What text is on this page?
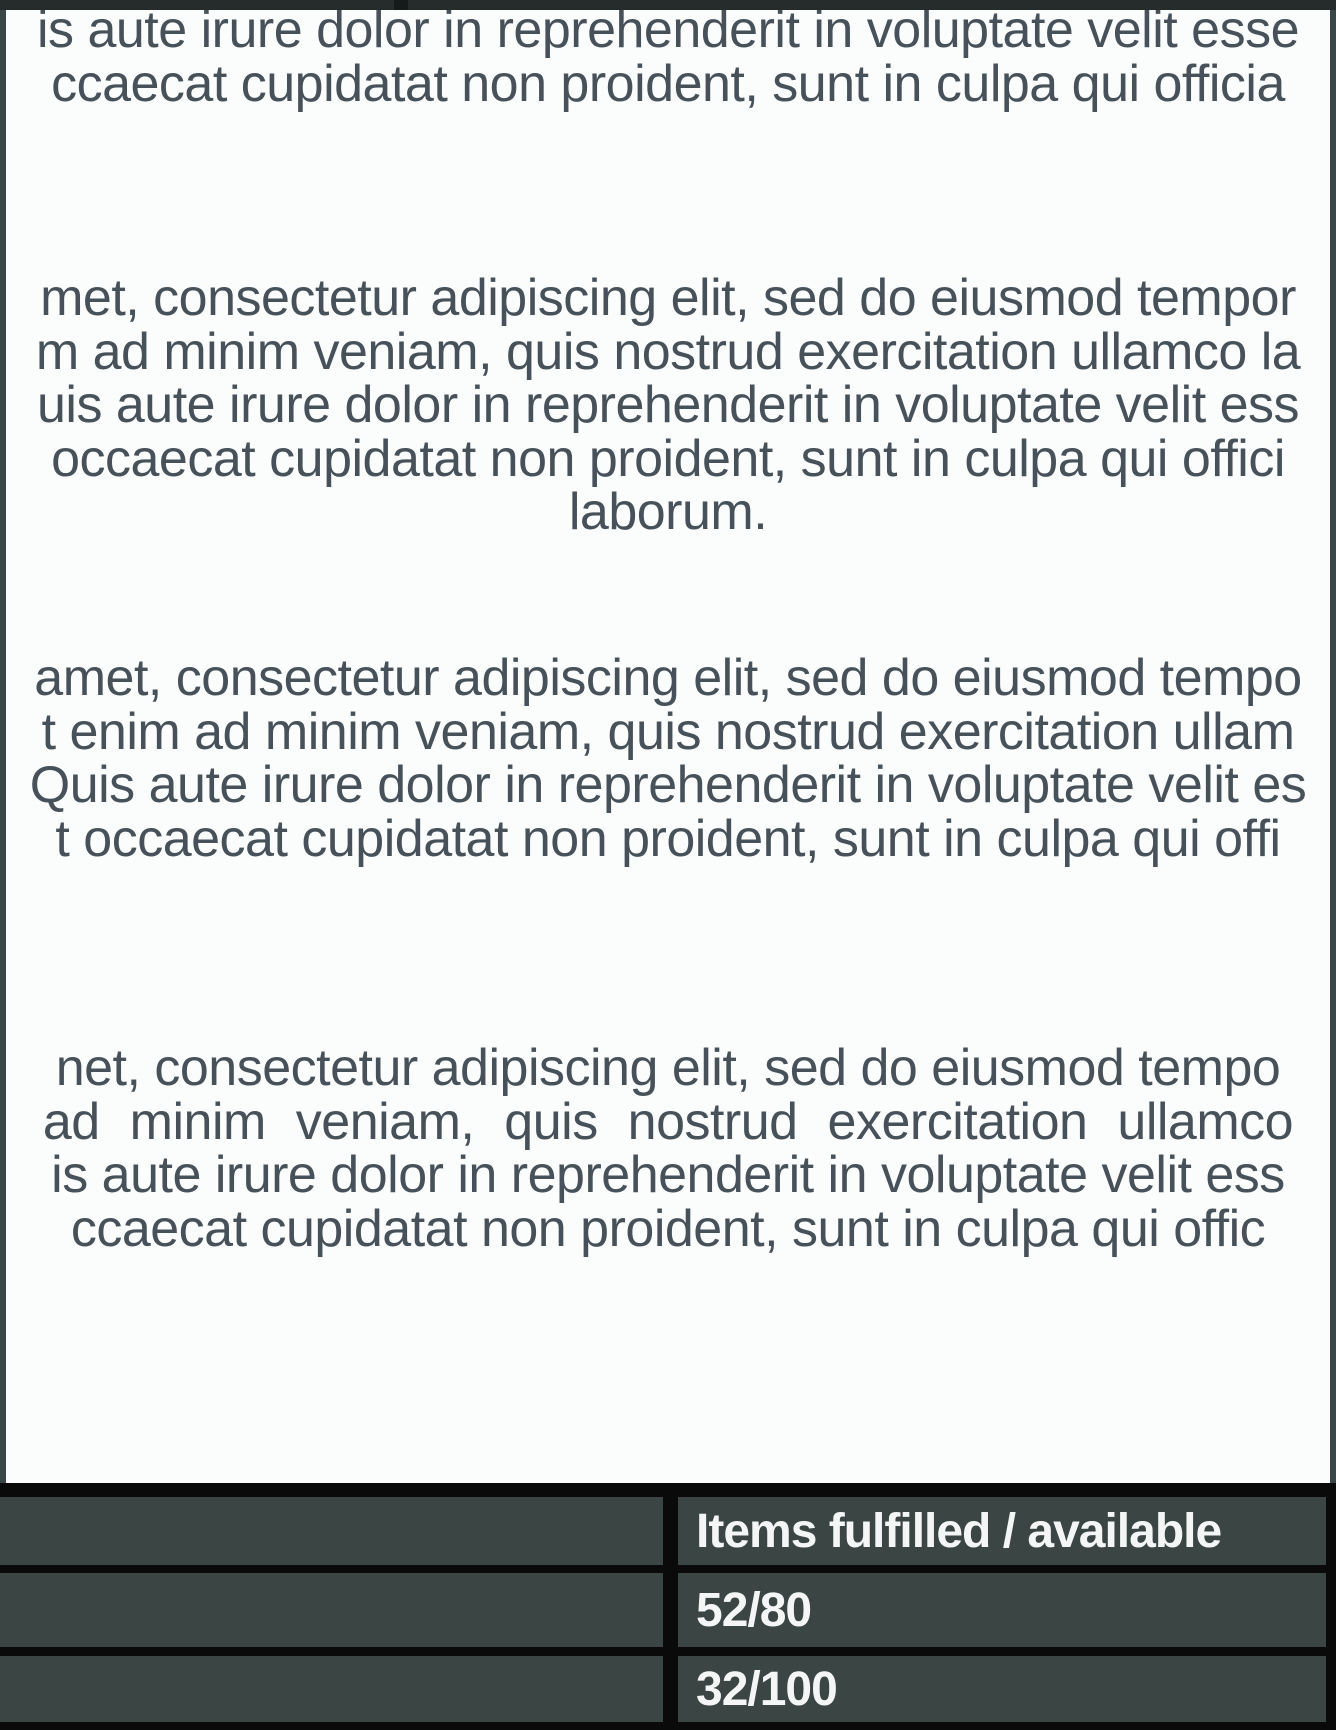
is aute irure dolor in reprehenderit in voluptate velit esse
ccaecat cupidatat non proident, sunt in culpa qui officia
met, consectetur adipiscing elit, sed do eiusmod tempor
m ad minim veniam, quis nostrud exercitation ullamco la
uis aute irure dolor in reprehenderit in voluptate velit ess
occaecat cupidatat non proident, sunt in culpa qui offici
laborum.
amet, consectetur adipiscing elit, sed do eiusmod tempo
t enim ad minim veniam, quis nostrud exercitation ullam
Quis aute irure dolor in reprehenderit in voluptate velit es
t occaecat cupidatat non proident, sunt in culpa qui offi
net, consectetur adipiscing elit, sed do eiusmod tempo
ad minim veniam, quis nostrud exercitation ullamco
is aute irure dolor in reprehenderit in voluptate velit ess
ccaecat cupidatat non proident, sunt in culpa qui offic
Items fulfilled / available
52/80
32/100
